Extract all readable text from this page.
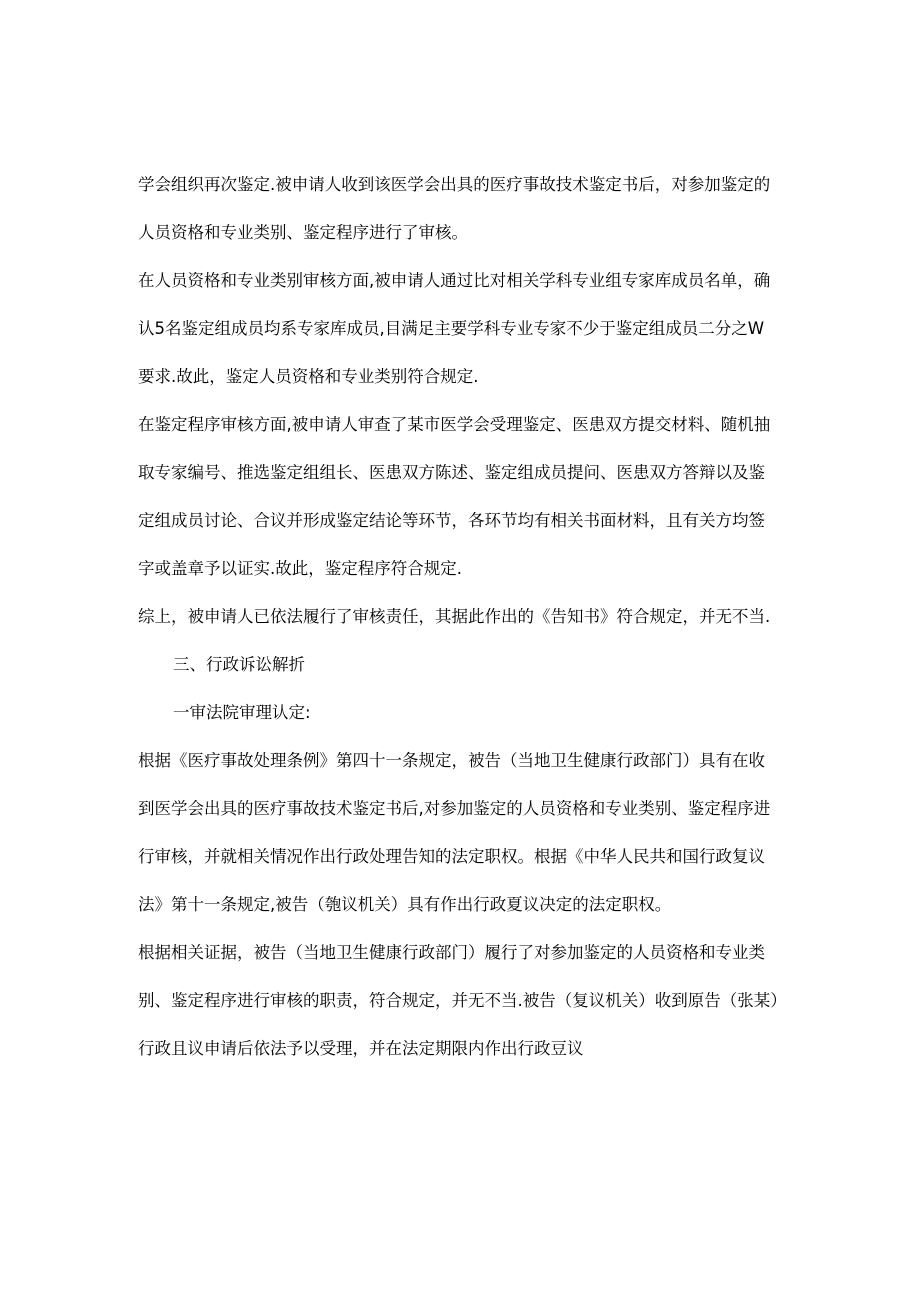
学会组织再次鉴定.被申请人收到该医学会出具的医疗事故技术鉴定书后，对参加鉴定的
人员资格和专业类别、鉴定程序进行了审核。
在人员资格和专业类别审核方面,被申请人通过比对相关学科专业组专家库成员名单，确
认5名鉴定组成员均系专家库成员,目满足主要学科专业专家不少于鉴定组成员二分之W
要求.故此，鉴定人员资格和专业类别符合规定.
在鉴定程序审核方面,被申请人审查了某市医学会受理鉴定、医患双方提交材料、随机抽
取专家编号、推选鉴定组组长、医患双方陈述、鉴定组成员提问、医患双方答辩以及鉴
定组成员讨论、合议并形成鉴定结论等环节，各环节均有相关书面材料，且有关方均签
字或盖章予以证实.故此，鉴定程序符合规定.
综上，被申请人已依法履行了审核责任，其据此作出的《告知书》符合规定，并无不当.
三、行政诉讼解折
一审法院审理认定:
根据《医疗事故处理条例》第四十一条规定，被告（当地卫生健康行政部门）具有在收
到医学会出具的医疗事故技术鉴定书后,对参加鉴定的人员资格和专业类别、鉴定程序进
行审核，并就相关情况作出行政处理告知的法定职权。根据《中华人民共和国行政复议
法》第十一条规定,被告（匏议机关）具有作出行政夏议决定的法定职权。
根据相关证据，被告（当地卫生健康行政部门）履行了对参加鉴定的人员资格和专业类
别、鉴定程序进行审核的职责，符合规定，并无不当.被告（复议机关）收到原告（张某）
行政且议申请后依法予以受理，并在法定期限内作出行政豆议
